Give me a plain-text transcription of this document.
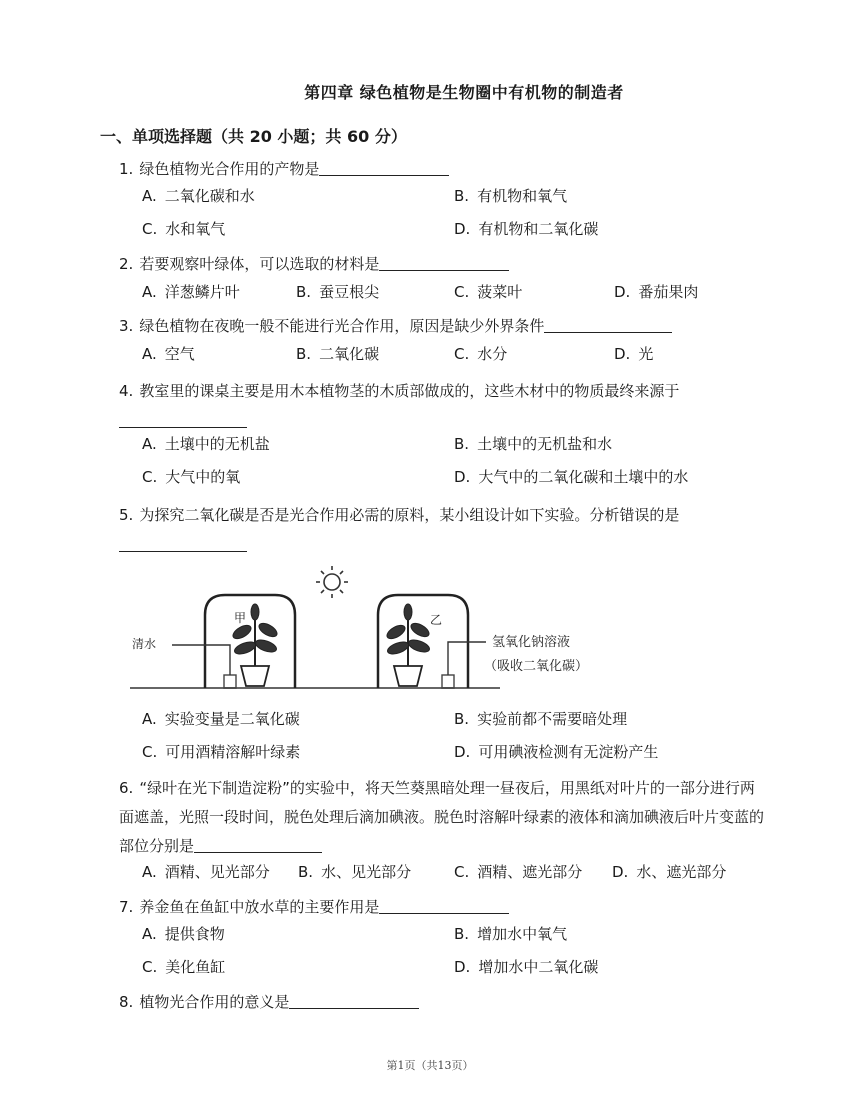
第四章 绿色植物是生物圈中有机物的制造者
一、单项选择题（共 20 小题；共 60 分）
1. 绿色植物光合作用的产物是
A. 二氧化碳和水	B. 有机物和氧气
C. 水和氧气	D. 有机物和二氧化碳
2. 若要观察叶绿体，可以选取的材料是
A. 洋葱鳞片叶	B. 蚕豆根尖	C. 菠菜叶	D. 番茄果肉
3. 绿色植物在夜晚一般不能进行光合作用，原因是缺少外界条件
A. 空气	B. 二氧化碳	C. 水分	D. 光
4. 教室里的课桌主要是用木本植物茎的木质部做成的，这些木材中的物质最终来源于
A. 土壤中的无机盐	B. 土壤中的无机盐和水
C. 大气中的氧	D. 大气中的二氧化碳和土壤中的水
5. 为探究二氧化碳是否是光合作用必需的原料，某小组设计如下实验。分析错误的是
甲
清水
乙
氢氧化钠溶液
（吸收二氧化碳）
A. 实验变量是二氧化碳	B. 实验前都不需要暗处理
C. 可用酒精溶解叶绿素	D. 可用碘液检测有无淀粉产生
6. “绿叶在光下制造淀粉”的实验中，将天竺葵黑暗处理一昼夜后，用黑纸对叶片的一部分进行两面遮盖，光照一段时间，脱色处理后滴加碘液。脱色时溶解叶绿素的液体和滴加碘液后叶片变蓝的部位分别是
A. 酒精、见光部分 B. 水、见光部分	C. 酒精、遮光部分 D. 水、遮光部分
7. 养金鱼在鱼缸中放水草的主要作用是
A. 提供食物	B. 增加水中氧气
C. 美化鱼缸	D. 增加水中二氧化碳
8. 植物光合作用的意义是
第1页（共13页）
